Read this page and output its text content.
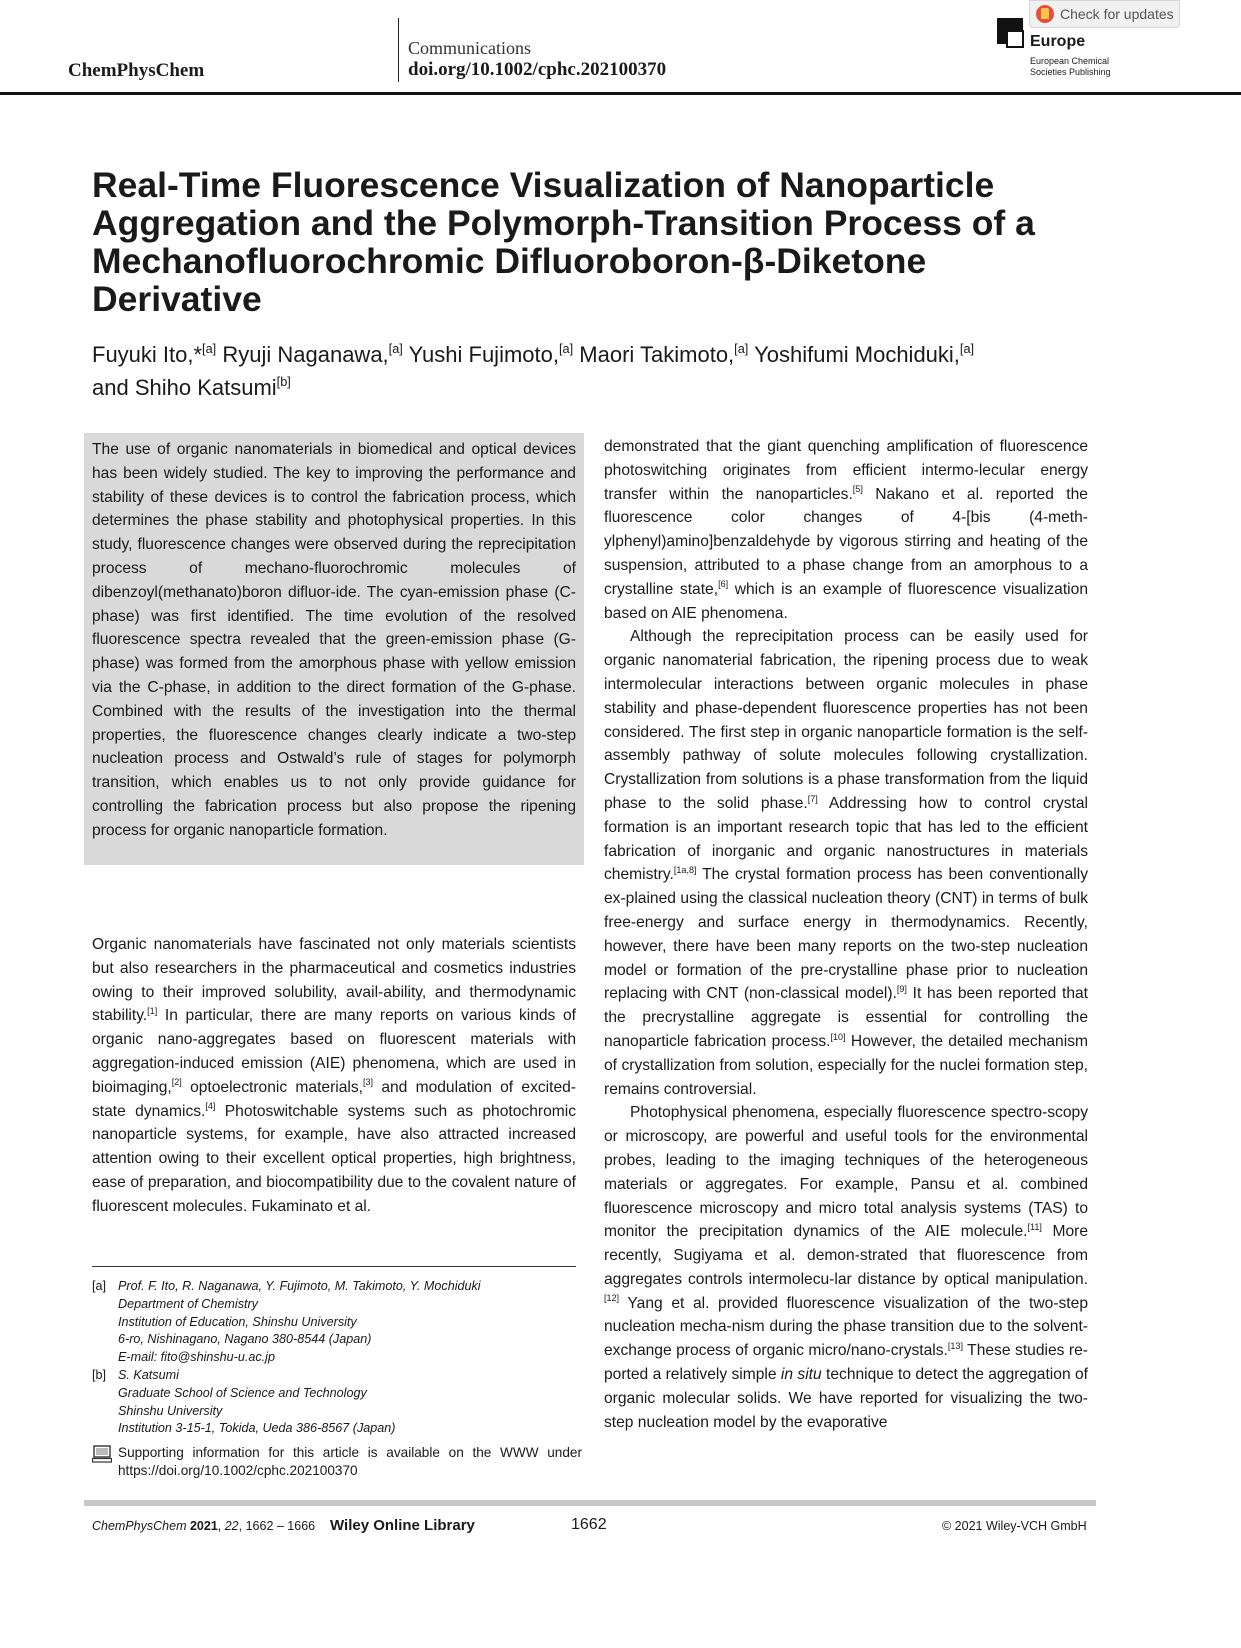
ChemPhysChem
Communications
doi.org/10.1002/cphc.202100370
Europe
European Chemical Societies Publishing
Check for updates
Real-Time Fluorescence Visualization of Nanoparticle Aggregation and the Polymorph-Transition Process of a Mechanofluorochromic Difluoroboron-β-Diketone Derivative
Fuyuki Ito,*[a] Ryuji Naganawa,[a] Yushi Fujimoto,[a] Maori Takimoto,[a] Yoshifumi Mochiduki,[a]
and Shiho Katsumi[b]
The use of organic nanomaterials in biomedical and optical devices has been widely studied. The key to improving the performance and stability of these devices is to control the fabrication process, which determines the phase stability and photophysical properties. In this study, fluorescence changes were observed during the reprecipitation process of mechano-fluorochromic molecules of dibenzoyl(methanato)boron difluor-ide. The cyan-emission phase (C-phase) was first identified. The time evolution of the resolved fluorescence spectra revealed that the green-emission phase (G-phase) was formed from the amorphous phase with yellow emission via the C-phase, in addition to the direct formation of the G-phase. Combined with the results of the investigation into the thermal properties, the fluorescence changes clearly indicate a two-step nucleation process and Ostwald’s rule of stages for polymorph transition, which enables us to not only provide guidance for controlling the fabrication process but also propose the ripening process for organic nanoparticle formation.

Organic nanomaterials have fascinated not only materials scientists but also researchers in the pharmaceutical and cosmetics industries owing to their improved solubility, avail-ability, and thermodynamic stability.[1] In particular, there are many reports on various kinds of organic nano-aggregates based on fluorescent materials with aggregation-induced emission (AIE) phenomena, which are used in bioimaging,[2] optoelectronic materials,[3] and modulation of excited-state dynamics.[4] Photoswitchable systems such as photochromic nanoparticle systems, for example, have also attracted increased attention owing to their excellent optical properties, high brightness, ease of preparation, and biocompatibility due to the covalent nature of fluorescent molecules. Fukaminato et al.

demonstrated that the giant quenching amplification of fluorescence photoswitching originates from efficient intermo-lecular energy transfer within the nanoparticles.[5] Nakano et al. reported the fluorescence color changes of 4-[bis (4-meth-ylphenyl)amino]benzaldehyde by vigorous stirring and heating of the suspension, attributed to a phase change from an amorphous to a crystalline state,[6] which is an example of fluorescence visualization based on AIE phenomena.

Although the reprecipitation process can be easily used for organic nanomaterial fabrication, the ripening process due to weak intermolecular interactions between organic molecules in phase stability and phase-dependent fluorescence properties has not been considered. The first step in organic nanoparticle formation is the self-assembly pathway of solute molecules following crystallization. Crystallization from solutions is a phase transformation from the liquid phase to the solid phase.[7] Addressing how to control crystal formation is an important research topic that has led to the efficient fabrication of inorganic and organic nanostructures in materials chemistry.[1a,8] The crystal formation process has been conventionally ex-plained using the classical nucleation theory (CNT) in terms of bulk free-energy and surface energy in thermodynamics. Recently, however, there have been many reports on the two-step nucleation model or formation of the pre-crystalline phase prior to nucleation replacing with CNT (non-classical model).[9] It has been reported that the precrystalline aggregate is essential for controlling the nanoparticle fabrication process.[10] However, the detailed mechanism of crystallization from solution, especially for the nuclei formation step, remains controversial.

Photophysical phenomena, especially fluorescence spectro-scopy or microscopy, are powerful and useful tools for the environmental probes, leading to the imaging techniques of the heterogeneous materials or aggregates. For example, Pansu et al. combined fluorescence microscopy and micro total analysis systems (TAS) to monitor the precipitation dynamics of the AIE molecule.[11] More recently, Sugiyama et al. demon-strated that fluorescence from aggregates controls intermolecu-lar distance by optical manipulation.[12] Yang et al. provided fluorescence visualization of the two-step nucleation mecha-nism during the phase transition due to the solvent-exchange process of organic micro/nano-crystals.[13] These studies re-ported a relatively simple in situ technique to detect the aggregation of organic molecular solids. We have reported for visualizing the two-step nucleation model by the evaporative

[a] Prof. F. Ito, R. Naganawa, Y. Fujimoto, M. Takimoto, Y. Mochiduki
Department of Chemistry
Institution of Education, Shinshu University
6-ro, Nishinagano, Nagano 380-8544 (Japan)
E-mail: fito@shinshu-u.ac.jp
[b] S. Katsumi
Graduate School of Science and Technology
Shinshu University
Institution 3-15-1, Tokida, Ueda 386-8567 (Japan)
Supporting information for this article is available on the WWW under https://doi.org/10.1002/cphc.202100370
ChemPhysChem 2021, 22, 1662 – 1666 Wiley Online Library	1662	© 2021 Wiley-VCH GmbH
